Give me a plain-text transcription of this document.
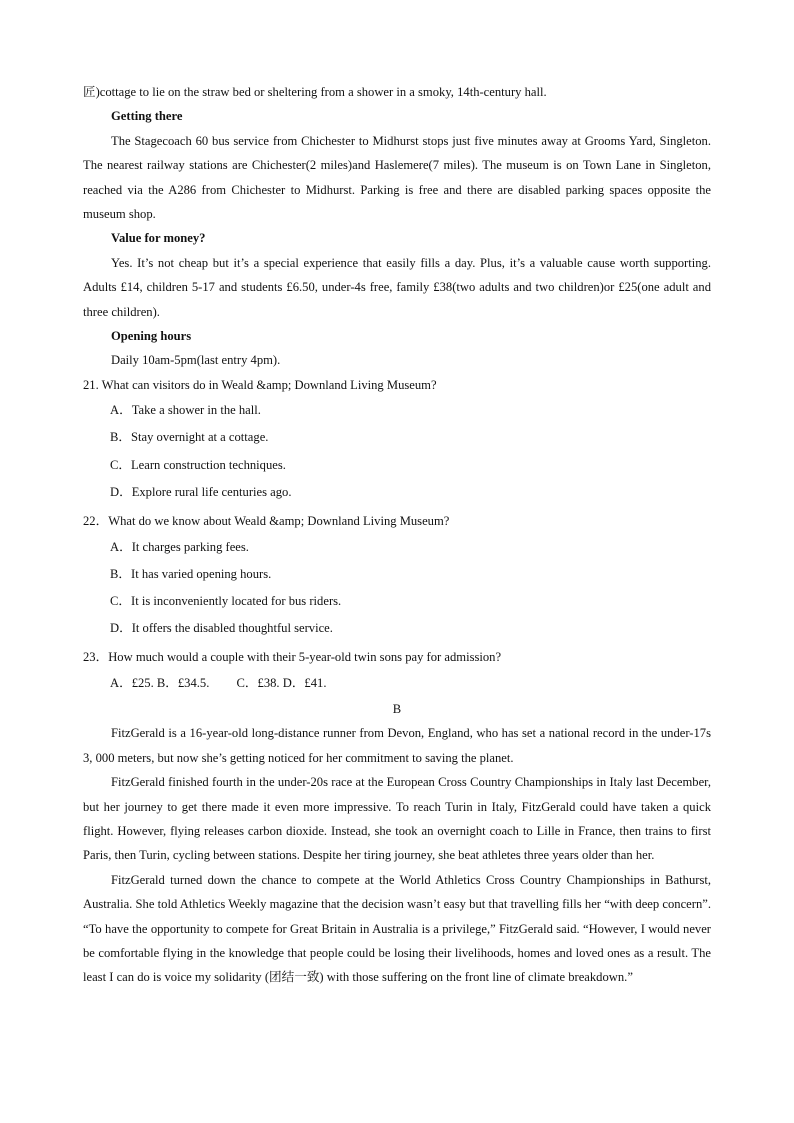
匠)cottage to lie on the straw bed or sheltering from a shower in a smoky, 14th-century hall.

Getting there

The Stagecoach 60 bus service from Chichester to Midhurst stops just five minutes away at Grooms Yard, Singleton. The nearest railway stations are Chichester(2 miles)and Haslemere(7 miles). The museum is on Town Lane in Singleton, reached via the A286 from Chichester to Midhurst. Parking is free and there are disabled parking spaces opposite the museum shop.

Value for money?

Yes. It’s not cheap but it’s a special experience that easily fills a day. Plus, it’s a valuable cause worth supporting. Adults £14, children 5-17 and students £6.50, under-4s free, family £38(two adults and two children)or £25(one adult and three children).

Opening hours

Daily 10am-5pm(last entry 4pm).

21. What can visitors do in Weald &amp; Downland Living Museum?
A．Take a shower in the hall.
B．Stay overnight at a cottage.
C．Learn construction techniques.
D．Explore rural life centuries ago.
22．What do we know about Weald &amp; Downland Living Museum?
A．It charges parking fees.
B．It has varied opening hours.
C．It is inconveniently located for bus riders.
D．It offers the disabled thoughtful service.
23．How much would a couple with their 5-year-old twin sons pay for admission?
A．£25. B．£34.5. C．£38. D．£41.
B

FitzGerald is a 16-year-old long-distance runner from Devon, England, who has set a national record in the under-17s 3, 000 meters, but now she’s getting noticed for her commitment to saving the planet.

FitzGerald finished fourth in the under-20s race at the European Cross Country Championships in Italy last December, but her journey to get there made it even more impressive. To reach Turin in Italy, FitzGerald could have taken a quick flight. However, flying releases carbon dioxide. Instead, she took an overnight coach to Lille in France, then trains to first Paris, then Turin, cycling between stations. Despite her tiring journey, she beat athletes three years older than her.

FitzGerald turned down the chance to compete at the World Athletics Cross Country Championships in Bathurst, Australia. She told Athletics Weekly magazine that the decision wasn’t easy but that travelling fills her “with deep concern”. “To have the opportunity to compete for Great Britain in Australia is a privilege,” FitzGerald said. “However, I would never be comfortable flying in the knowledge that people could be losing their livelihoods, homes and loved ones as a result. The least I can do is voice my solidarity (团结一致) with those suffering on the front line of climate breakdown.”
